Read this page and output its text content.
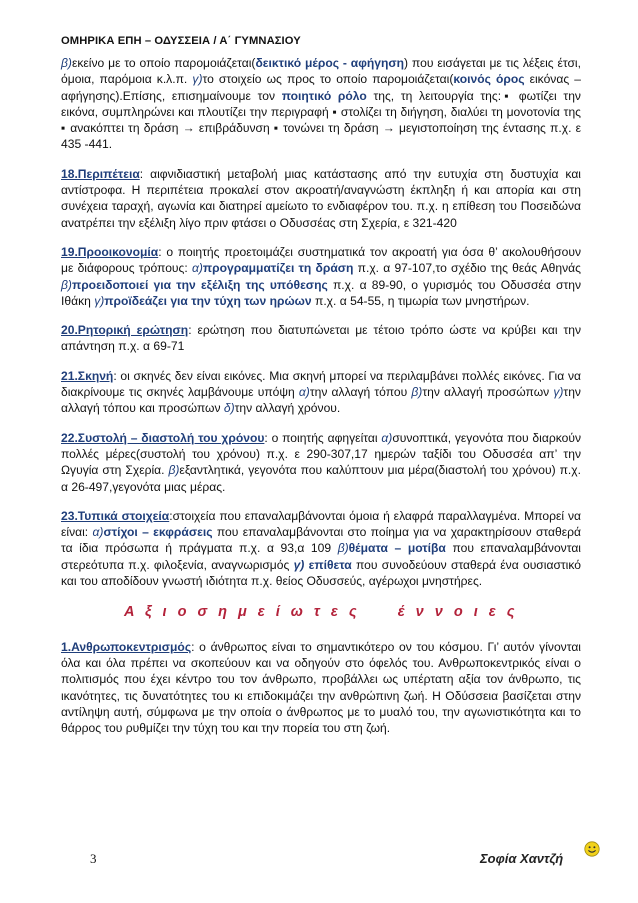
ΟΜΗΡΙΚΑ ΕΠΗ – ΟΔΥΣΣΕΙΑ / Α΄ ΓΥΜΝΑΣΙΟΥ

β)εκείνο με το οποίο παρομοιάζεται(δεικτικό μέρος - αφήγηση) που εισάγεται με τις λέξεις έτσι, όμοια, παρόμοια κ.λ.π. γ)το στοιχείο ως προς το οποίο παρομοιάζεται(κοινός όρος εικόνας –αφήγησης).Επίσης, επισημαίνουμε τον ποιητικό ρόλο της, τη λειτουργία της:▪ φωτίζει την εικόνα, συμπληρώνει και πλουτίζει την περιγραφή ▪ στολίζει τη διήγηση, διαλύει τη μονοτονία της ▪ ανακόπτει τη δράση → επιβράδυνση ▪ τονώνει τη δράση → μεγιστοποίηση της έντασης π.χ. ε 435 -441.

18.Περιπέτεια: αιφνιδιαστική μεταβολή μιας κατάστασης από την ευτυχία στη δυστυχία και αντίστροφα. Η περιπέτεια προκαλεί στον ακροατή/αναγνώστη έκπληξη ή και απορία και στη συνέχεια ταραχή, αγωνία και διατηρεί αμείωτο το ενδιαφέρον του. π.χ. η επίθεση του Ποσειδώνα ανατρέπει την εξέλιξη λίγο πριν φτάσει ο Οδυσσέας στη Σχερία, ε 321-420

19.Προοικονομία: ο ποιητής προετοιμάζει συστηματικά τον ακροατή για όσα θ’ ακολουθήσουν με διάφορους τρόπους: α)προγραμματίζει τη δράση π.χ. α 97-107,το σχέδιο της θεάς Αθηνάς β)προειδοποιεί για την εξέλιξη της υπόθεσης π.χ. α 89-90, ο γυρισμός του Οδυσσέα στην Ιθάκη γ)προϊδεάζει για την τύχη των ηρώων π.χ. α 54-55, η τιμωρία των μνηστήρων.

20.Ρητορική ερώτηση: ερώτηση που διατυπώνεται με τέτοιο τρόπο ώστε να κρύβει και την απάντηση π.χ. α 69-71

21.Σκηνή: οι σκηνές δεν είναι εικόνες. Μια σκηνή μπορεί να περιλαμβάνει πολλές εικόνες. Για να διακρίνουμε τις σκηνές λαμβάνουμε υπόψη α)την αλλαγή τόπου β)την αλλαγή προσώπων γ)την αλλαγή τόπου και προσώπων δ)την αλλαγή χρόνου.

22.Συστολή – διαστολή του χρόνου: ο ποιητής αφηγείται α)συνοπτικά, γεγονότα που διαρκούν πολλές μέρες(συστολή του χρόνου) π.χ. ε 290-307,17 ημερών ταξίδι του Οδυσσέα απ’ την Ωγυγία στη Σχερία. β)εξαντλητικά, γεγονότα που καλύπτουν μια μέρα(διαστολή του χρόνου) π.χ. α 26-497,γεγονότα μιας μέρας.

23.Τυπικά στοιχεία:στοιχεία που επαναλαμβάνονται όμοια ή ελαφρά παραλλαγμένα. Μπορεί να είναι: α)στίχοι – εκφράσεις που επαναλαμβάνονται στο ποίημα για να χαρακτηρίσουν σταθερά τα ίδια πρόσωπα ή πράγματα π.χ. α 93,α 109 β)θέματα – μοτίβα που επαναλαμβάνονται στερεότυπα π.χ. φιλοξενία, αναγνωρισμός γ) επίθετα που συνοδεύουν σταθερά ένα ουσιαστικό και του αποδίδουν γνωστή ιδιότητα π.χ. θείος Οδυσσεύς, αγέρωχοι μνηστήρες.

Α ξ ι ο σ η μ ε ί ω τ ε ς     έ ν ν ο ι ε ς

1.Ανθρωποκεντρισμός: ο άνθρωπος είναι το σημαντικότερο ον του κόσμου. Γι’ αυτόν γίνονται όλα και όλα πρέπει να σκοπεύουν και να οδηγούν στο όφελός του. Ανθρωποκεντρικός είναι ο πολιτισμός που έχει κέντρο του τον άνθρωπο, προβάλλει ως υπέρτατη αξία τον άνθρωπο, τις ικανότητες, τις δυνατότητες του κι επιδοκιμάζει την ανθρώπινη ζωή. Η Οδύσσεια βασίζεται στην αντίληψη αυτή, σύμφωνα με την οποία ο άνθρωπος με το μυαλό του, την αγωνιστικότητα και το θάρρος του ρυθμίζει την τύχη του και την πορεία του στη ζωή.

3	Σοφία Χαντζή
